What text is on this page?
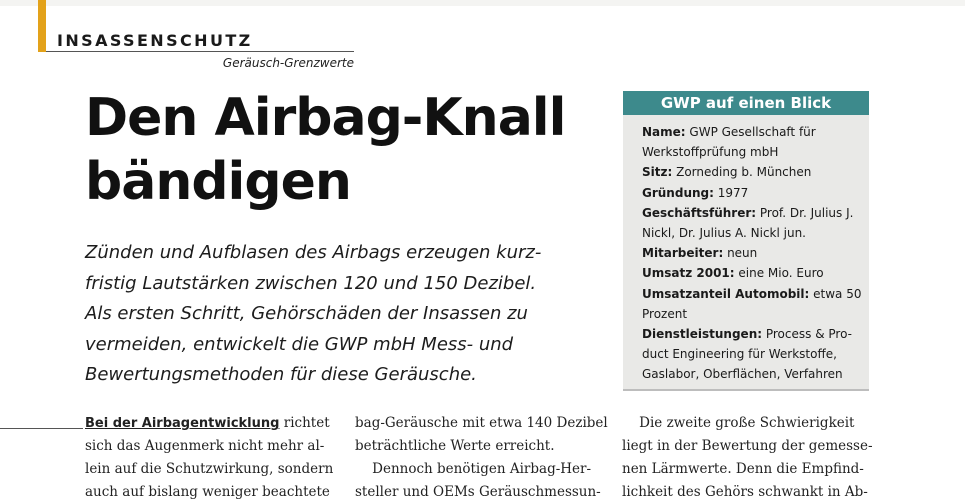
INSASSENSCHUTZ
Geräusch-Grenzwerte
Den Airbag-Knall
bändigen
Zünden und Aufblasen des Airbags erzeugen kurz-
fristig Lautstärken zwischen 120 und 150 Dezibel.
Als ersten Schritt, Gehörschäden der Insassen zu
vermeiden, entwickelt die GWP mbH Mess- und
Bewertungsmethoden für diese Geräusche.
GWP auf einen Blick
Name: GWP Gesellschaft für
Werkstoffprüfung mbH
Sitz: Zorneding b. München
Gründung: 1977
Geschäftsführer: Prof. Dr. Julius J.
Nickl, Dr. Julius A. Nickl jun.
Mitarbeiter: neun
Umsatz 2001: eine Mio. Euro
Umsatzanteil Automobil: etwa 50
Prozent
Dienstleistungen: Process & Pro-
duct Engineering für Werkstoffe,
Gaslabor, Oberflächen, Verfahren
Bei der Airbagentwicklung richtet
sich das Augenmerk nicht mehr al-
lein auf die Schutzwirkung, sondern
auch auf bislang weniger beachtete
bag-Geräusche mit etwa 140 Dezibel
beträchtliche Werte erreicht.
Dennoch benötigen Airbag-Her-
steller und OEMs Geräuschmessun-
Die zweite große Schwierigkeit
liegt in der Bewertung der gemesse-
nen Lärmwerte. Denn die Empfind-
lichkeit des Gehörs schwankt in Ab-
